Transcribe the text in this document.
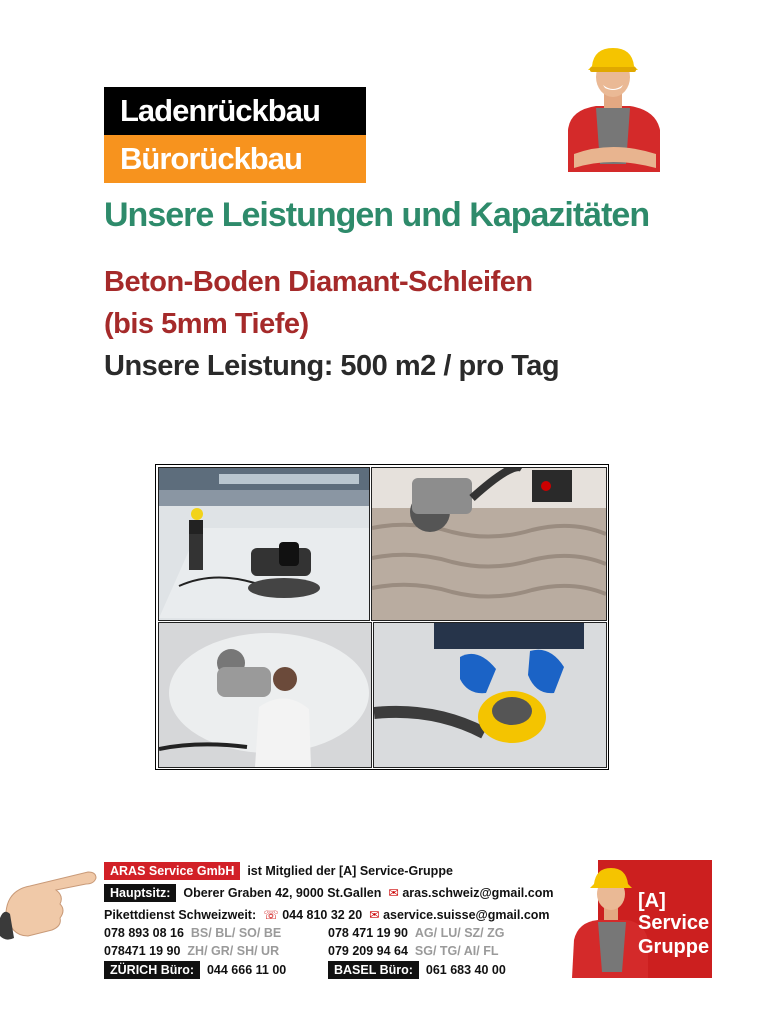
Ladenrückbau
Bürorückbau
Unsere Leistungen und Kapazitäten
Beton-Boden Diamant-Schleifen
(bis 5mm Tiefe)
Unsere Leistung: 500 m2 / pro Tag
ARAS Service GmbH ist Mitglied der [A] Service-Gruppe
Hauptsitz: Oberer Graben 42, 9000 St.Gallen ✉ aras.schweiz@gmail.com
Pikettdienst Schweizweit: ☏ 044 810 32 20 ✉ aservice.suisse@gmail.com
078 893 08 16 BS/ BL/ SO/ BE	078 471 19 90 AG/ LU/ SZ/ ZG
078471 19 90 ZH/ GR/ SH/ UR	079 209 94 64 SG/ TG/ AI/ FL
ZÜRICH Büro: 044 666 11 00	BASEL Büro: 061 683 40 00
[A]
Service
Gruppe
